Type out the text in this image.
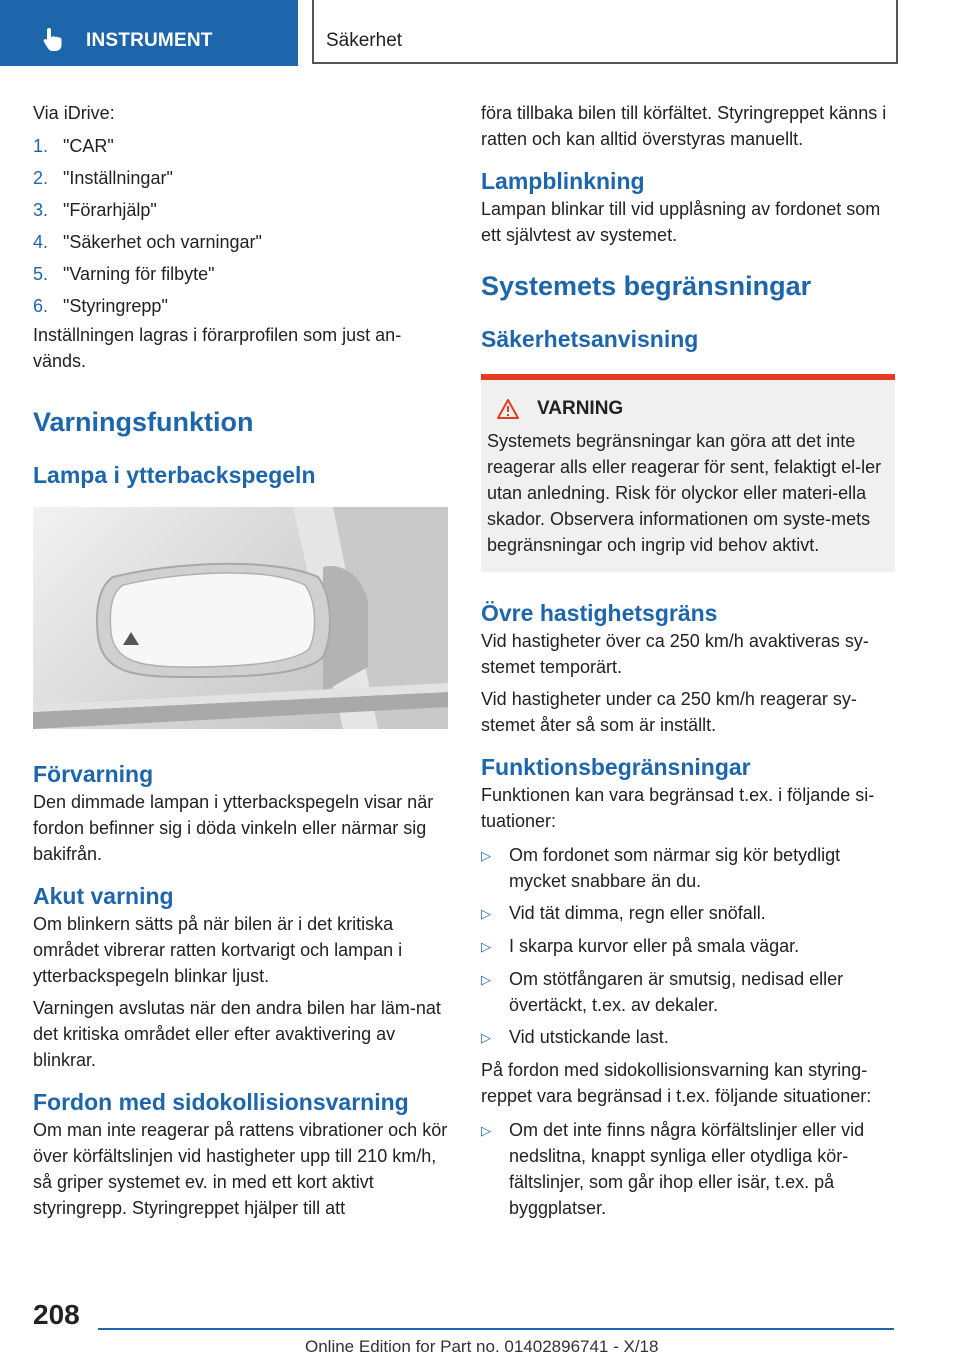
INSTRUMENT	Säkerhet

Via iDrive:

1. "CAR"
2. "Inställningar"
3. "Förarhjälp"
4. "Säkerhet och varningar"
5. "Varning för filbyte"
6. "Styringrepp"

Inställningen lagras i förarprofilen som just an-vänds.

Varningsfunktion
Lampa i ytterbackspegeln
Förvarning

Den dimmade lampan i ytterbackspegeln visar när fordon befinner sig i döda vinkeln eller närmar sig bakifrån.

Akut varning

Om blinkern sätts på när bilen är i det kritiska området vibrerar ratten kortvarigt och lampan i ytterbackspegeln blinkar ljust.

Varningen avslutas när den andra bilen har läm-nat det kritiska området eller efter avaktivering av blinkrar.

Fordon med sidokollisionsvarning

Om man inte reagerar på rattens vibrationer och kör över körfältslinjen vid hastigheter upp till 210 km/h, så griper systemet ev. in med ett kort aktivt styringrepp. Styringreppet hjälper till att

föra tillbaka bilen till körfältet. Styringreppet känns i ratten och kan alltid överstyras manuellt.

Lampblinkning

Lampan blinkar till vid upplåsning av fordonet som ett självtest av systemet.

Systemets begränsningar
Säkerhetsanvisning
VARNING

Systemets begränsningar kan göra att det inte reagerar alls eller reagerar för sent, felaktigt el-ler utan anledning. Risk för olyckor eller materi-ella skador. Observera informationen om syste-mets begränsningar och ingrip vid behov aktivt.

Övre hastighetsgräns

Vid hastigheter över ca 250 km/h avaktiveras sy-stemet temporärt.

Vid hastigheter under ca 250 km/h reagerar sy-stemet åter så som är inställt.

Funktionsbegränsningar

Funktionen kan vara begränsad t.ex. i följande si-tuationer:

▷	Om fordonet som närmar sig kör betydligt mycket snabbare än du.
▷	Vid tät dimma, regn eller snöfall.
▷	I skarpa kurvor eller på smala vägar.
▷	Om stötfångaren är smutsig, nedisad eller övertäckt, t.ex. av dekaler.
▷	Vid utstickande last.

På fordon med sidokollisionsvarning kan styring-reppet vara begränsad i t.ex. följande situationer:

▷	Om det inte finns några körfältslinjer eller vid nedslitna, knappt synliga eller otydliga kör-fältslinjer, som går ihop eller isär, t.ex. på byggplatser.
208
Online Edition for Part no. 01402896741 - X/18
